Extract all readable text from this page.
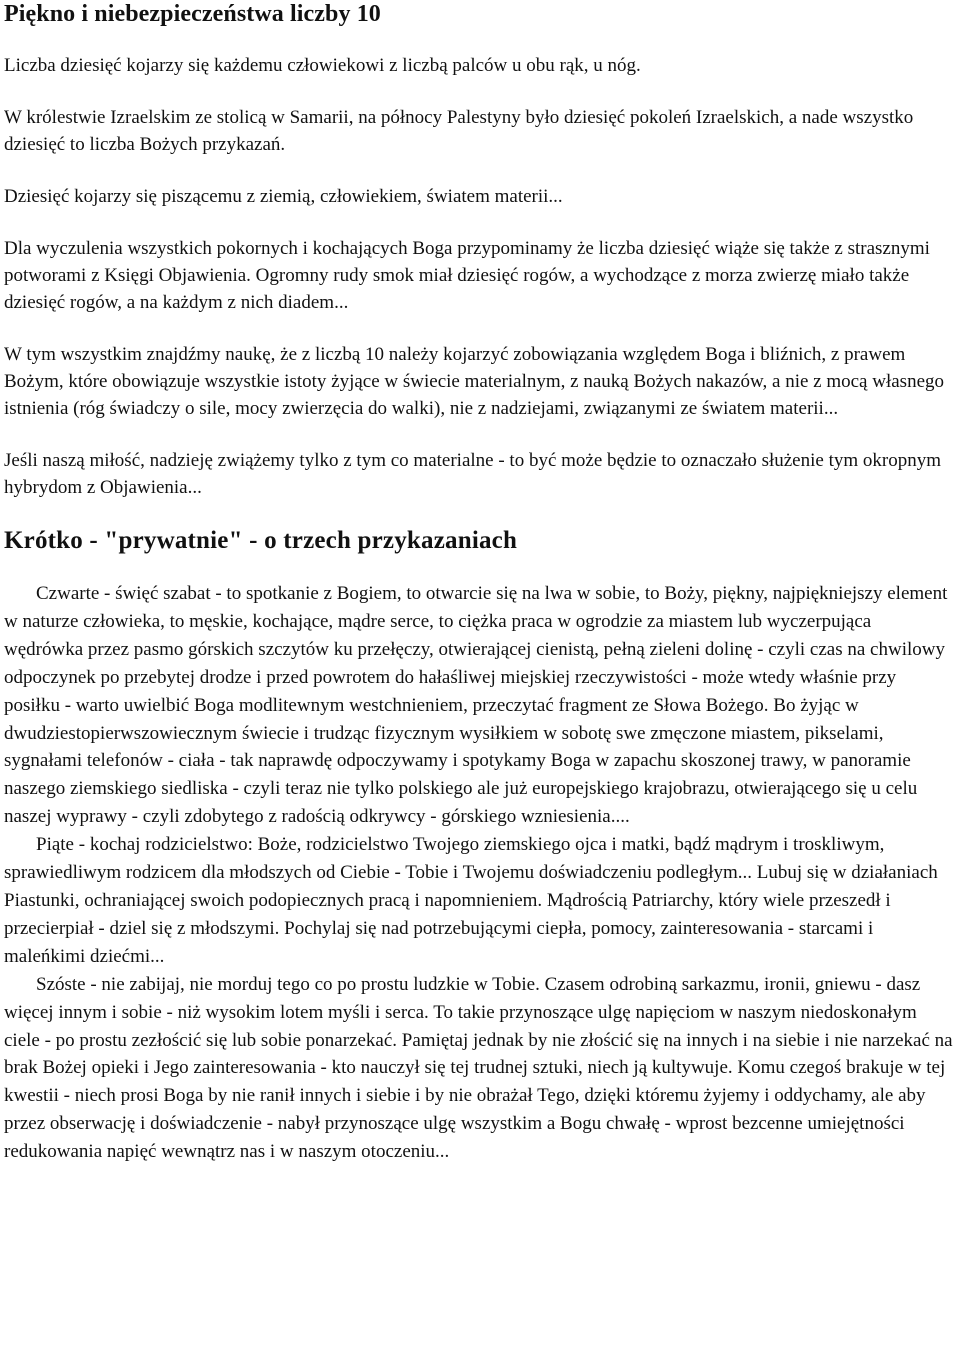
Piękno i niebezpieczeństwa liczby 10

Liczba dziesięć kojarzy się każdemu człowiekowi z liczbą palców u obu rąk, u nóg.

W królestwie Izraelskim ze stolicą w Samarii, na północy Palestyny było dziesięć pokoleń Izraelskich, a nade wszystko dziesięć to liczba Bożych przykazań.

Dziesięć kojarzy się piszącemu z ziemią, człowiekiem, światem materii...

Dla wyczulenia wszystkich pokornych i kochających Boga przypominamy że liczba dziesięć wiąże się także z strasznymi potworami z Księgi Objawienia. Ogromny rudy smok miał dziesięć rogów, a wychodzące z morza zwierzę miało także dziesięć rogów, a na każdym z nich diadem...

W tym wszystkim znajdźmy naukę, że z liczbą 10 należy kojarzyć zobowiązania względem Boga i bliźnich, z prawem Bożym, które obowiązuje wszystkie istoty żyjące w świecie materialnym, z nauką Bożych nakazów, a nie z mocą własnego istnienia (róg świadczy o sile, mocy zwierzęcia do walki), nie z nadziejami, związanymi ze światem materii...

Jeśli naszą miłość, nadzieję zwiążemy tylko z tym co materialne - to być może będzie to oznaczało służenie tym okropnym hybrydom z Objawienia...

Krótko - "prywatnie" - o trzech przykazaniach

Czwarte - święć szabat - to spotkanie z Bogiem, to otwarcie się na lwa w sobie, to Boży, piękny, najpiękniejszy element w naturze człowieka, to męskie, kochające, mądre serce, to ciężka praca w ogrodzie za miastem lub wyczerpująca wędrówka przez pasmo górskich szczytów ku przełęczy, otwierającej cienistą, pełną zieleni dolinę - czyli czas na chwilowy odpoczynek po przebytej drodze i przed powrotem do hałaśliwej miejskiej rzeczywistości - może wtedy właśnie przy posiłku - warto uwielbić Boga modlitewnym westchnieniem, przeczytać fragment ze Słowa Bożego. Bo żyjąc w dwudziestopierwszowiecznym świecie i trudząc fizycznym wysiłkiem w sobotę swe zmęczone miastem, pikselami, sygnałami telefonów - ciała - tak naprawdę odpoczywamy i spotykamy Boga w zapachu skoszonej trawy, w panoramie naszego ziemskiego siedliska - czyli teraz nie tylko polskiego ale już europejskiego krajobrazu, otwierającego się u celu naszej wyprawy - czyli zdobytego z radością odkrywcy - górskiego wzniesienia....

Piąte - kochaj rodzicielstwo: Boże, rodzicielstwo Twojego ziemskiego ojca i matki, bądź mądrym i troskliwym, sprawiedliwym rodzicem dla młodszych od Ciebie - Tobie i Twojemu doświadczeniu podległym... Lubuj się w działaniach Piastunki, ochraniającej swoich podopiecznych pracą i napomnieniem. Mądrością Patriarchy, który wiele przeszedł i przecierpiał - dziel się z młodszymi. Pochylaj się nad potrzebującymi ciepła, pomocy, zainteresowania - starcami i maleńkimi dziećmi...

Szóste - nie zabijaj, nie morduj tego co po prostu ludzkie w Tobie. Czasem odrobiną sarkazmu, ironii, gniewu - dasz więcej innym i sobie - niż wysokim lotem myśli i serca. To takie przynoszące ulgę napięciom w naszym niedoskonałym ciele - po prostu zezłościć się lub sobie ponarzekać. Pamiętaj jednak by nie złościć się na innych i na siebie i nie narzekać na brak Bożej opieki i Jego zainteresowania - kto nauczył się tej trudnej sztuki, niech ją kultywuje. Komu czegoś brakuje w tej kwestii - niech prosi Boga by nie ranił innych i siebie i by nie obrażał Tego, dzięki któremu żyjemy i oddychamy, ale aby przez obserwację i doświadczenie - nabył przynoszące ulgę wszystkim a Bogu chwałę - wprost bezcenne umiejętności redukowania napięć wewnątrz nas i w naszym otoczeniu...
